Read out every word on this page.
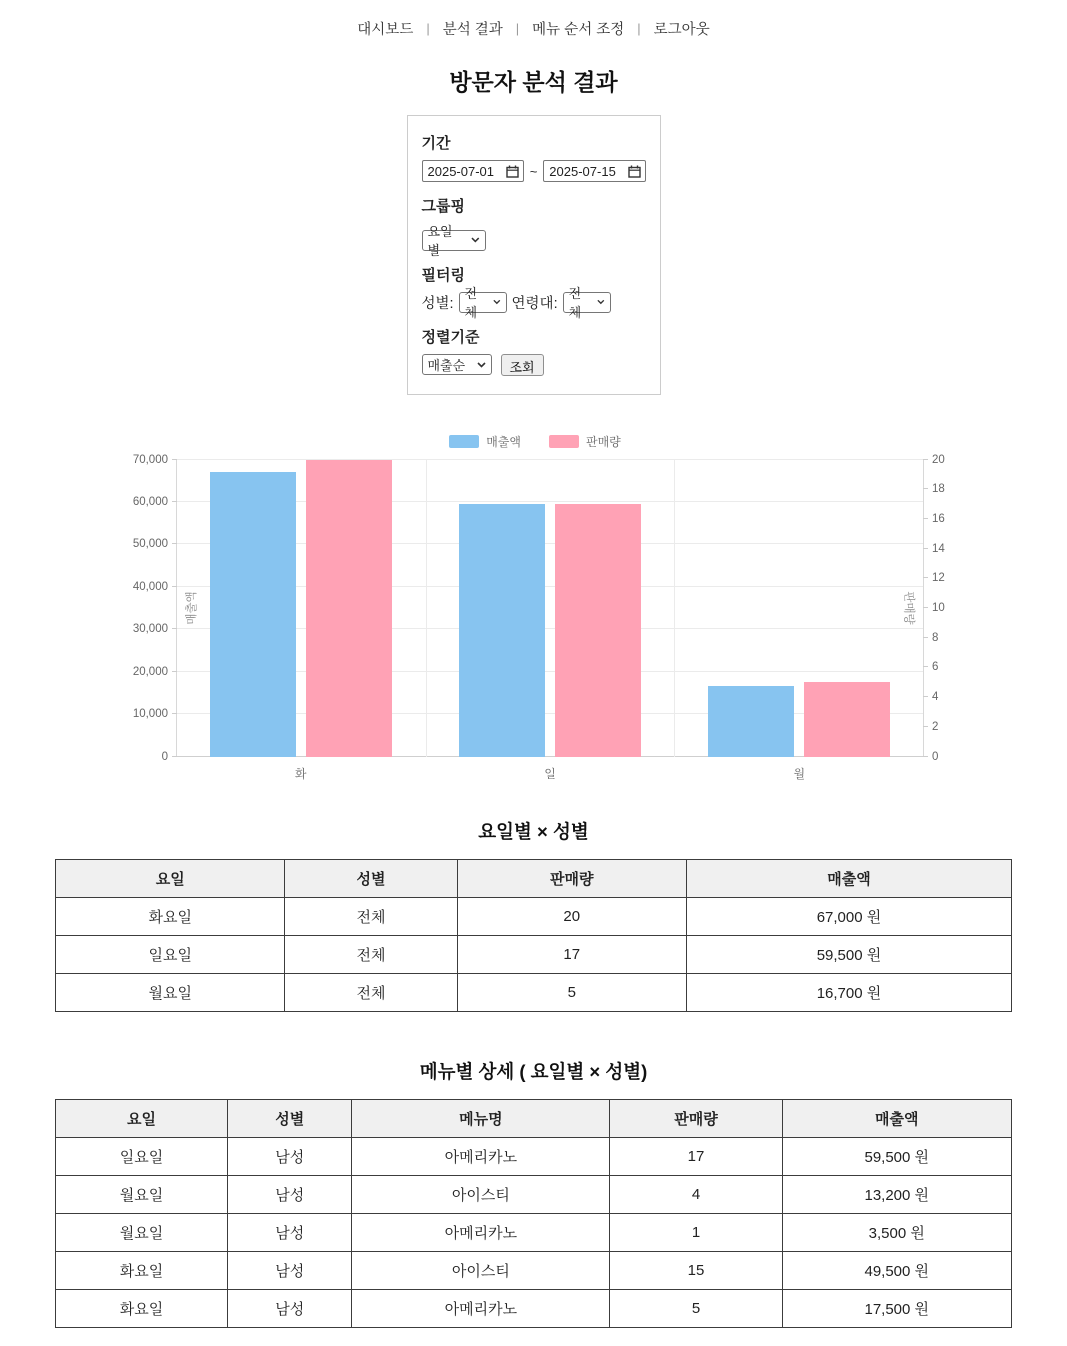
대시보드 | 분석 결과 | 메뉴 순서 조정 | 로그아웃
방문자 분석 결과
기간
2025-07-01	~ 2025-07-15
그룹핑
요일별
필터링
성별:
전체
연령대:
전체
정렬기준
매출순	조회
매출액	판매량
매출액	판매량
0
10,000
20,000
30,000
40,000
50,000
60,000
70,000
0
2
4
6
8
10
12
14
16
18
20
화	일	월
요일별 × 성별
요일	성별	판매량	매출액
화요일	전체	20	67,000 원
일요일	전체	17	59,500 원
월요일	전체	5	16,700 원
메뉴별 상세 ( 요일별 × 성별)
요일	성별	메뉴명	판매량	매출액
일요일	남성	아메리카노	17	59,500 원
월요일	남성	아이스티	4	13,200 원
월요일	남성	아메리카노	1	3,500 원
화요일	남성	아이스티	15	49,500 원
화요일	남성	아메리카노	5	17,500 원
